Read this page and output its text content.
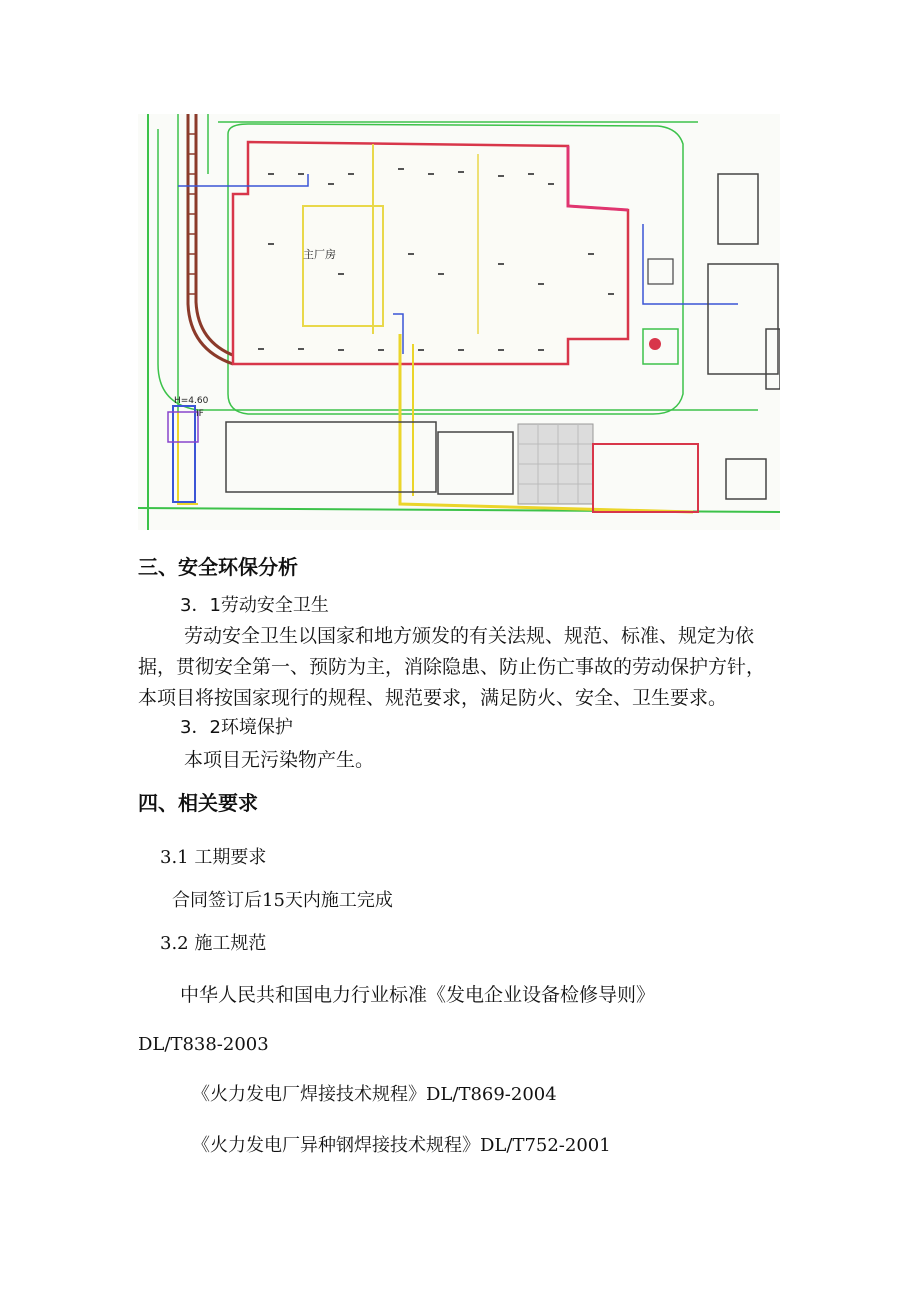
主厂房
H=4.60
IF
三、安全环保分析
3．1劳动安全卫生
劳动安全卫生以国家和地方颁发的有关法规、规范、标准、规定为依
据，贯彻安全第一、预防为主，消除隐患、防止伤亡事故的劳动保护方针，
本项目将按国家现行的规程、规范要求，满足防火、安全、卫生要求。
3．2环境保护
本项目无污染物产生。
四、相关要求
3.1 工期要求
合同签订后15天内施工完成
3.2 施工规范
中华人民共和国电力行业标准《发电企业设备检修导则》
DL/T838-2003
《火力发电厂焊接技术规程》DL/T869-2004
《火力发电厂异种钢焊接技术规程》DL/T752-2001
